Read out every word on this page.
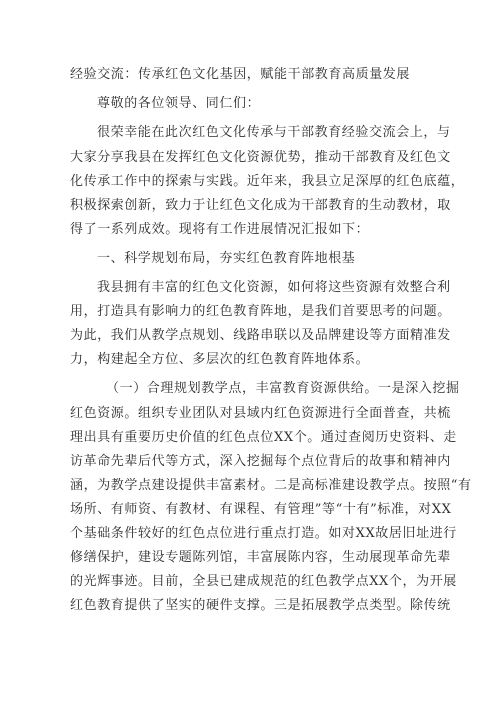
经验交流：传承红色文化基因，赋能干部教育高质量发展
尊敬的各位领导、同仁们：
很荣幸能在此次红色文化传承与干部教育经验交流会上，与
大家分享我县在发挥红色文化资源优势，推动干部教育及红色文
化传承工作中的探索与实践。近年来，我县立足深厚的红色底蕴，
积极探索创新，致力于让红色文化成为干部教育的生动教材，取
得了一系列成效。现将有工作进展情况汇报如下：
一、科学规划布局，夯实红色教育阵地根基
我县拥有丰富的红色文化资源，如何将这些资源有效整合利
用，打造具有影响力的红色教育阵地，是我们首要思考的问题。
为此，我们从教学点规划、线路串联以及品牌建设等方面精准发
力，构建起全方位、多层次的红色教育阵地体系。
（一）合理规划教学点，丰富教育资源供给。一是深入挖掘
红色资源。组织专业团队对县域内红色资源进行全面普查，共梳
理出具有重要历史价值的红色点位XX个。通过查阅历史资料、走
访革命先辈后代等方式，深入挖掘每个点位背后的故事和精神内
涵，为教学点建设提供丰富素材。二是高标准建设教学点。按照“有
场所、有师资、有教材、有课程、有管理”等“十有”标准，对XX
个基础条件较好的红色点位进行重点打造。如对XX故居旧址进行
修缮保护，建设专题陈列馆，丰富展陈内容，生动展现革命先辈
的光辉事迹。目前，全县已建成规范的红色教学点XX个，为开展
红色教育提供了坚实的硬件支撑。三是拓展教学点类型。除传统
